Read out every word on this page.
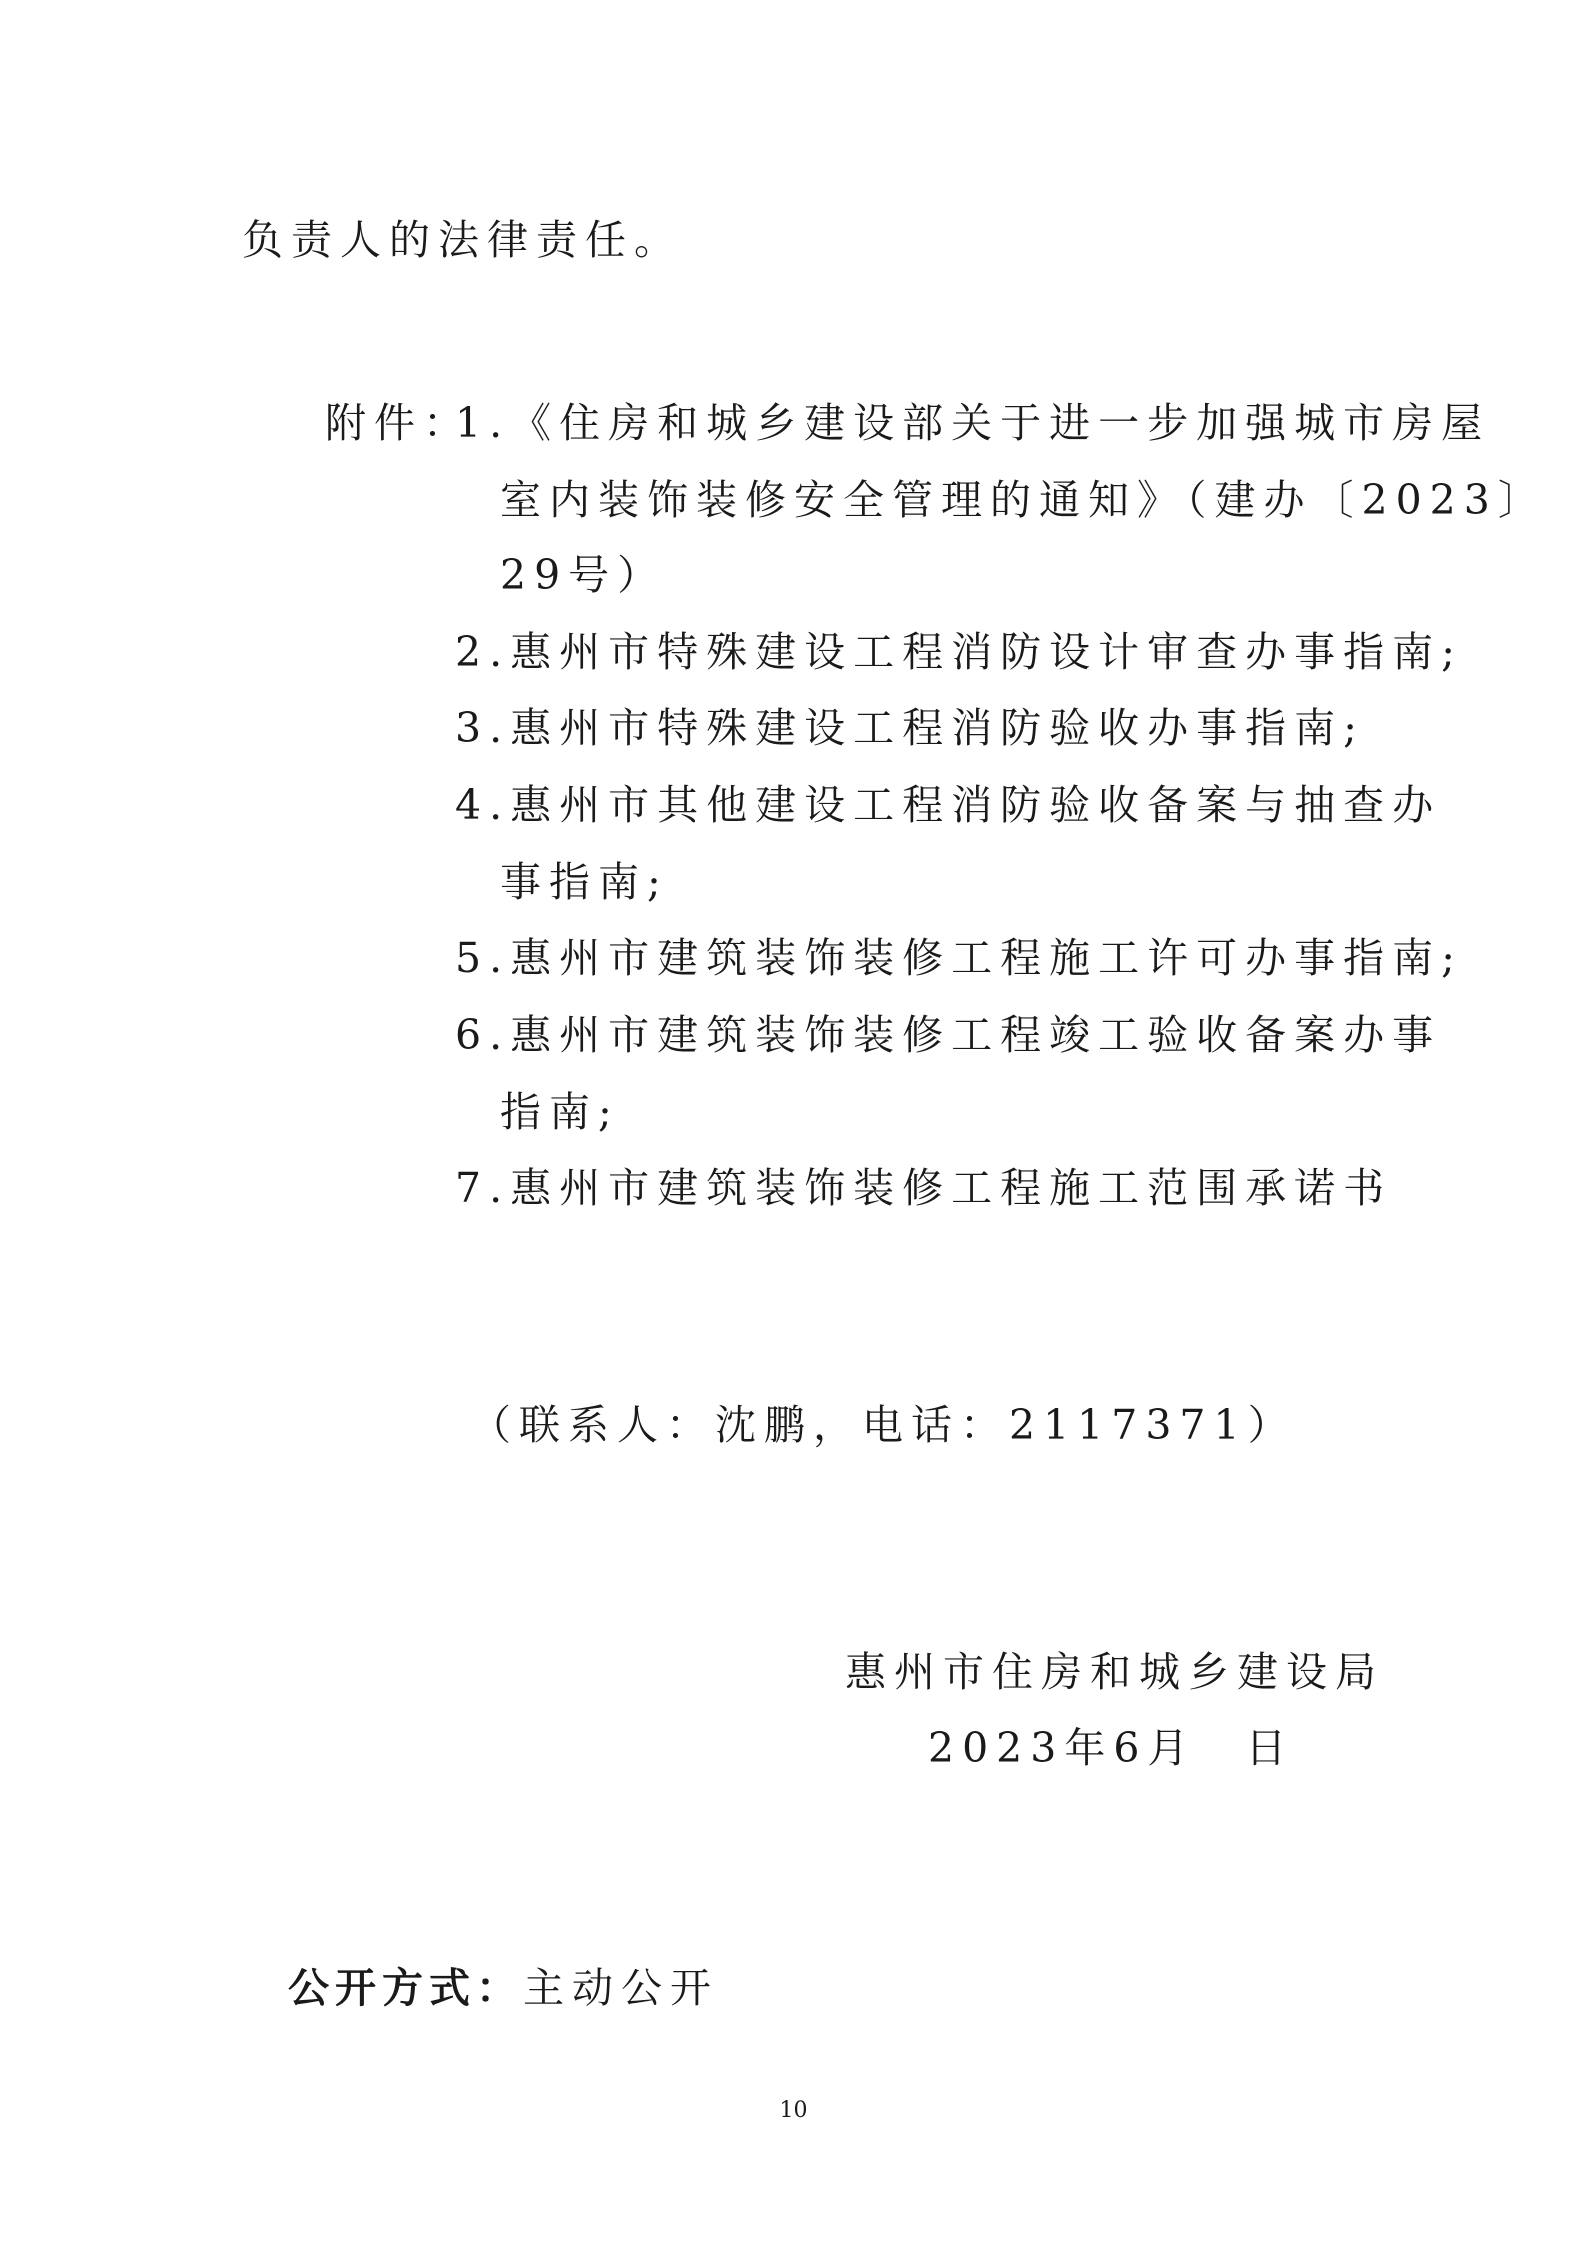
负责人的法律责任。
附件：
1.《住房和城乡建设部关于进一步加强城市房屋
室内装饰装修安全管理的通知》（建办〔2023〕
29号）
2.惠州市特殊建设工程消防设计审查办事指南;
3.惠州市特殊建设工程消防验收办事指南;
4.惠州市其他建设工程消防验收备案与抽查办
事指南;
5.惠州市建筑装饰装修工程施工许可办事指南;
6.惠州市建筑装饰装修工程竣工验收备案办事
指南;
7.惠州市建筑装饰装修工程施工范围承诺书
（联系人：沈鹏，电话：2117371）
惠州市住房和城乡建设局
2023年6月　日
公开方式：主动公开
10
